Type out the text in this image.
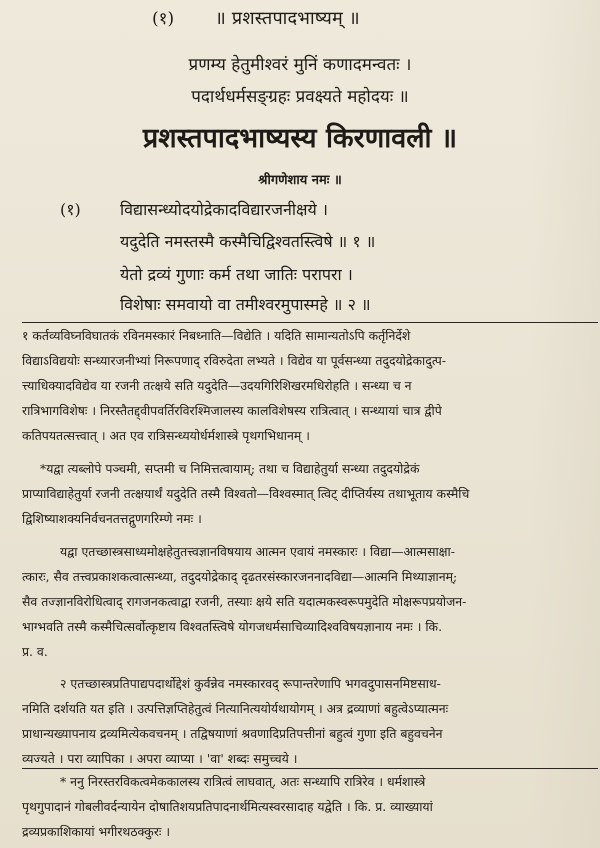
(१)	॥ प्रशस्तपादभाष्यम् ॥
प्रणम्य हेतुमीश्वरं मुनिं कणादमन्वतः ।
पदार्थधर्मसङ्ग्रहः प्रवक्ष्यते महोदयः ॥
प्रशस्तपादभाष्यस्य किरणावली ॥
श्रीगणेशाय नमः ॥
(१) विद्यासन्ध्योदयोद्रेकादविद्यारजनीक्षये ।
यदुदेति नमस्तस्मै कस्मैचिद्विश्वतस्त्विषे ॥ १ ॥
येतो द्रव्यं गुणाः कर्म तथा जातिः परापरा ।
विशेषाः समवायो वा तमीश्वरमुपास्महे ॥ २ ॥
१ कर्तव्यविघ्नविघातकं रविनमस्कारं निबध्नाति—विद्येति । यदिति सामान्यतोऽपि कर्तृनिर्देशे
विद्याऽविद्ययोः सन्ध्यारजनीभ्यां निरूपणाद् रविरुदेता लभ्यते । विद्येव या पूर्वसन्ध्या तदुदयोद्रेकादुत्प-
त्त्याधिक्यादविद्येव या रजनी तत्क्षये सति यदुदेति—उदयगिरिशिखरमधिरोहति । सन्ध्या च न
रात्रिभागविशेषः । निरस्तैतद्द्वीपवर्तिरविरश्मिजालस्य कालविशेषस्य रात्रित्वात् । सन्ध्यायां चात्र द्वीपे
कतिपयतत्सत्त्वात् । अत एव रात्रिसन्ध्ययोर्धर्मशास्त्रे पृथगभिधानम् ।
*यद्वा त्यब्लोपे पञ्चमी, सप्तमी च निमित्तत्वायाम्; तथा च विद्याहेतुर्या सन्ध्या तदुदयोद्रेकं
प्राप्याविद्याहेतुर्या रजनी तत्क्षयार्थं यदुदेति तस्मै विश्वतो—विश्वस्मात् त्विट् दीप्तिर्यस्य तथाभूताय कस्मैचि
द्विशिष्याशक्यनिर्वचनतत्तद्गुणगरिम्णे नमः ।
यद्वा एतच्छास्त्रसाध्यमोक्षहेतुतत्त्वज्ञानविषयाय आत्मन एवायं नमस्कारः । विद्या—आत्मसाक्षा-
त्कारः, सैव तत्त्वप्रकाशकत्वात्सन्ध्या, तदुदयोद्रेकाद् दृढतरसंस्कारजननादविद्या—आत्मनि मिथ्याज्ञानम्;
सैव तज्ज्ञानविरोधित्वाद् रागजनकत्वाद्वा रजनी, तस्याः क्षये सति यदात्मकस्वरूपमुदेति मोक्षरूपप्रयोजन-
भाग्भवति तस्मै कस्मैचित्सर्वोत्कृष्टाय विश्वतस्त्विषे योगजधर्मसाचिव्यादिश्वविषयज्ञानाय नमः । कि.
प्र. व.
२ एतच्छास्त्रप्रतिपाद्यपदार्थोद्देशं कुर्वन्नेव नमस्कारवद् रूपान्तरेणापि भगवदुपासनमिष्टसाध-
नमिति दर्शयति यत इति । उत्पत्तिज्ञप्तिहेतुत्वं नित्यानित्ययोर्यथायोगम् । अत्र द्रव्याणां बहुत्वेऽप्यात्मनः
प्राधान्यख्यापनाय द्रव्यमित्येकवचनम् । तद्विषयाणां श्रवणादिप्रतिपत्तीनां बहुत्वं गुणा इति बहुवचनेन
व्यज्यते । परा व्यापिका । अपरा व्याप्या । 'वा' शब्दः समुच्चये ।
* ननु निरस्तरविकत्वमेककालस्य रात्रित्वं लाघवात्, अतः सन्ध्यापि रात्रिरेव । धर्मशास्त्रे
पृथगुपादानं गोबलीवर्दन्यायेन दोषातिशयप्रतिपादनार्थमित्यस्वरसादाह यद्वेति । कि. प्र. व्याख्यायां
द्रव्यप्रकाशिकायां भगीरथठक्कुरः ।
